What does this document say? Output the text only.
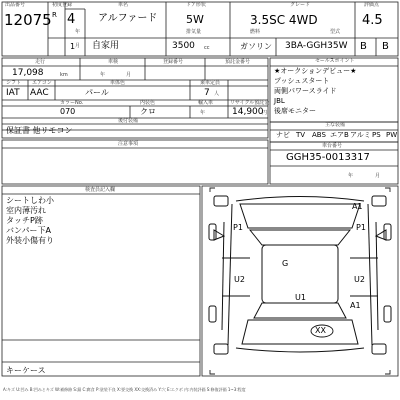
出品番号
12075
初度登録
R 4
年
1 月
車名
アルファード
自家用
ドア形状
5W
排気量
3500 cc
グレード
3.5SC 4WD
燃料
ガソリン
型式
3BA-GGH35W
評価点
4.5
B B
走行
17,098	km
車検
年	月
登録番号	預託金番号
シフト
IAT
エアコン
AAC
車体色
パール
乗車定員
7 人
カラーNo.
070
内装色
クロ
輸入車
年
リサイクル預託金
14,900
円
後付装備
保証書 他リモコン
注意事項
セールスポイント
★オークションデビュー★
プッシュスタート
両側パワースライド
JBL
後席モニター
主な装備
ナビ TV ABS エアB アルミ PS PW
車台番号
GGH35-0013317
年	月
検査員記入欄
シートしわ小
室内薄汚れ
タッチP跡
バンパー下A
外装小傷有り
キーケース
A1
P1	P1
U2
G
U2
U1
A1
XX
A:キズ U:凹み B:凹みとキズ W:補修跡 S:錆 C:腐食 P:塗装不良 X:要交換 XX:交換済み Y:穴 E:エクボ 内:内装評価 S:修復評価 1~3:程度
